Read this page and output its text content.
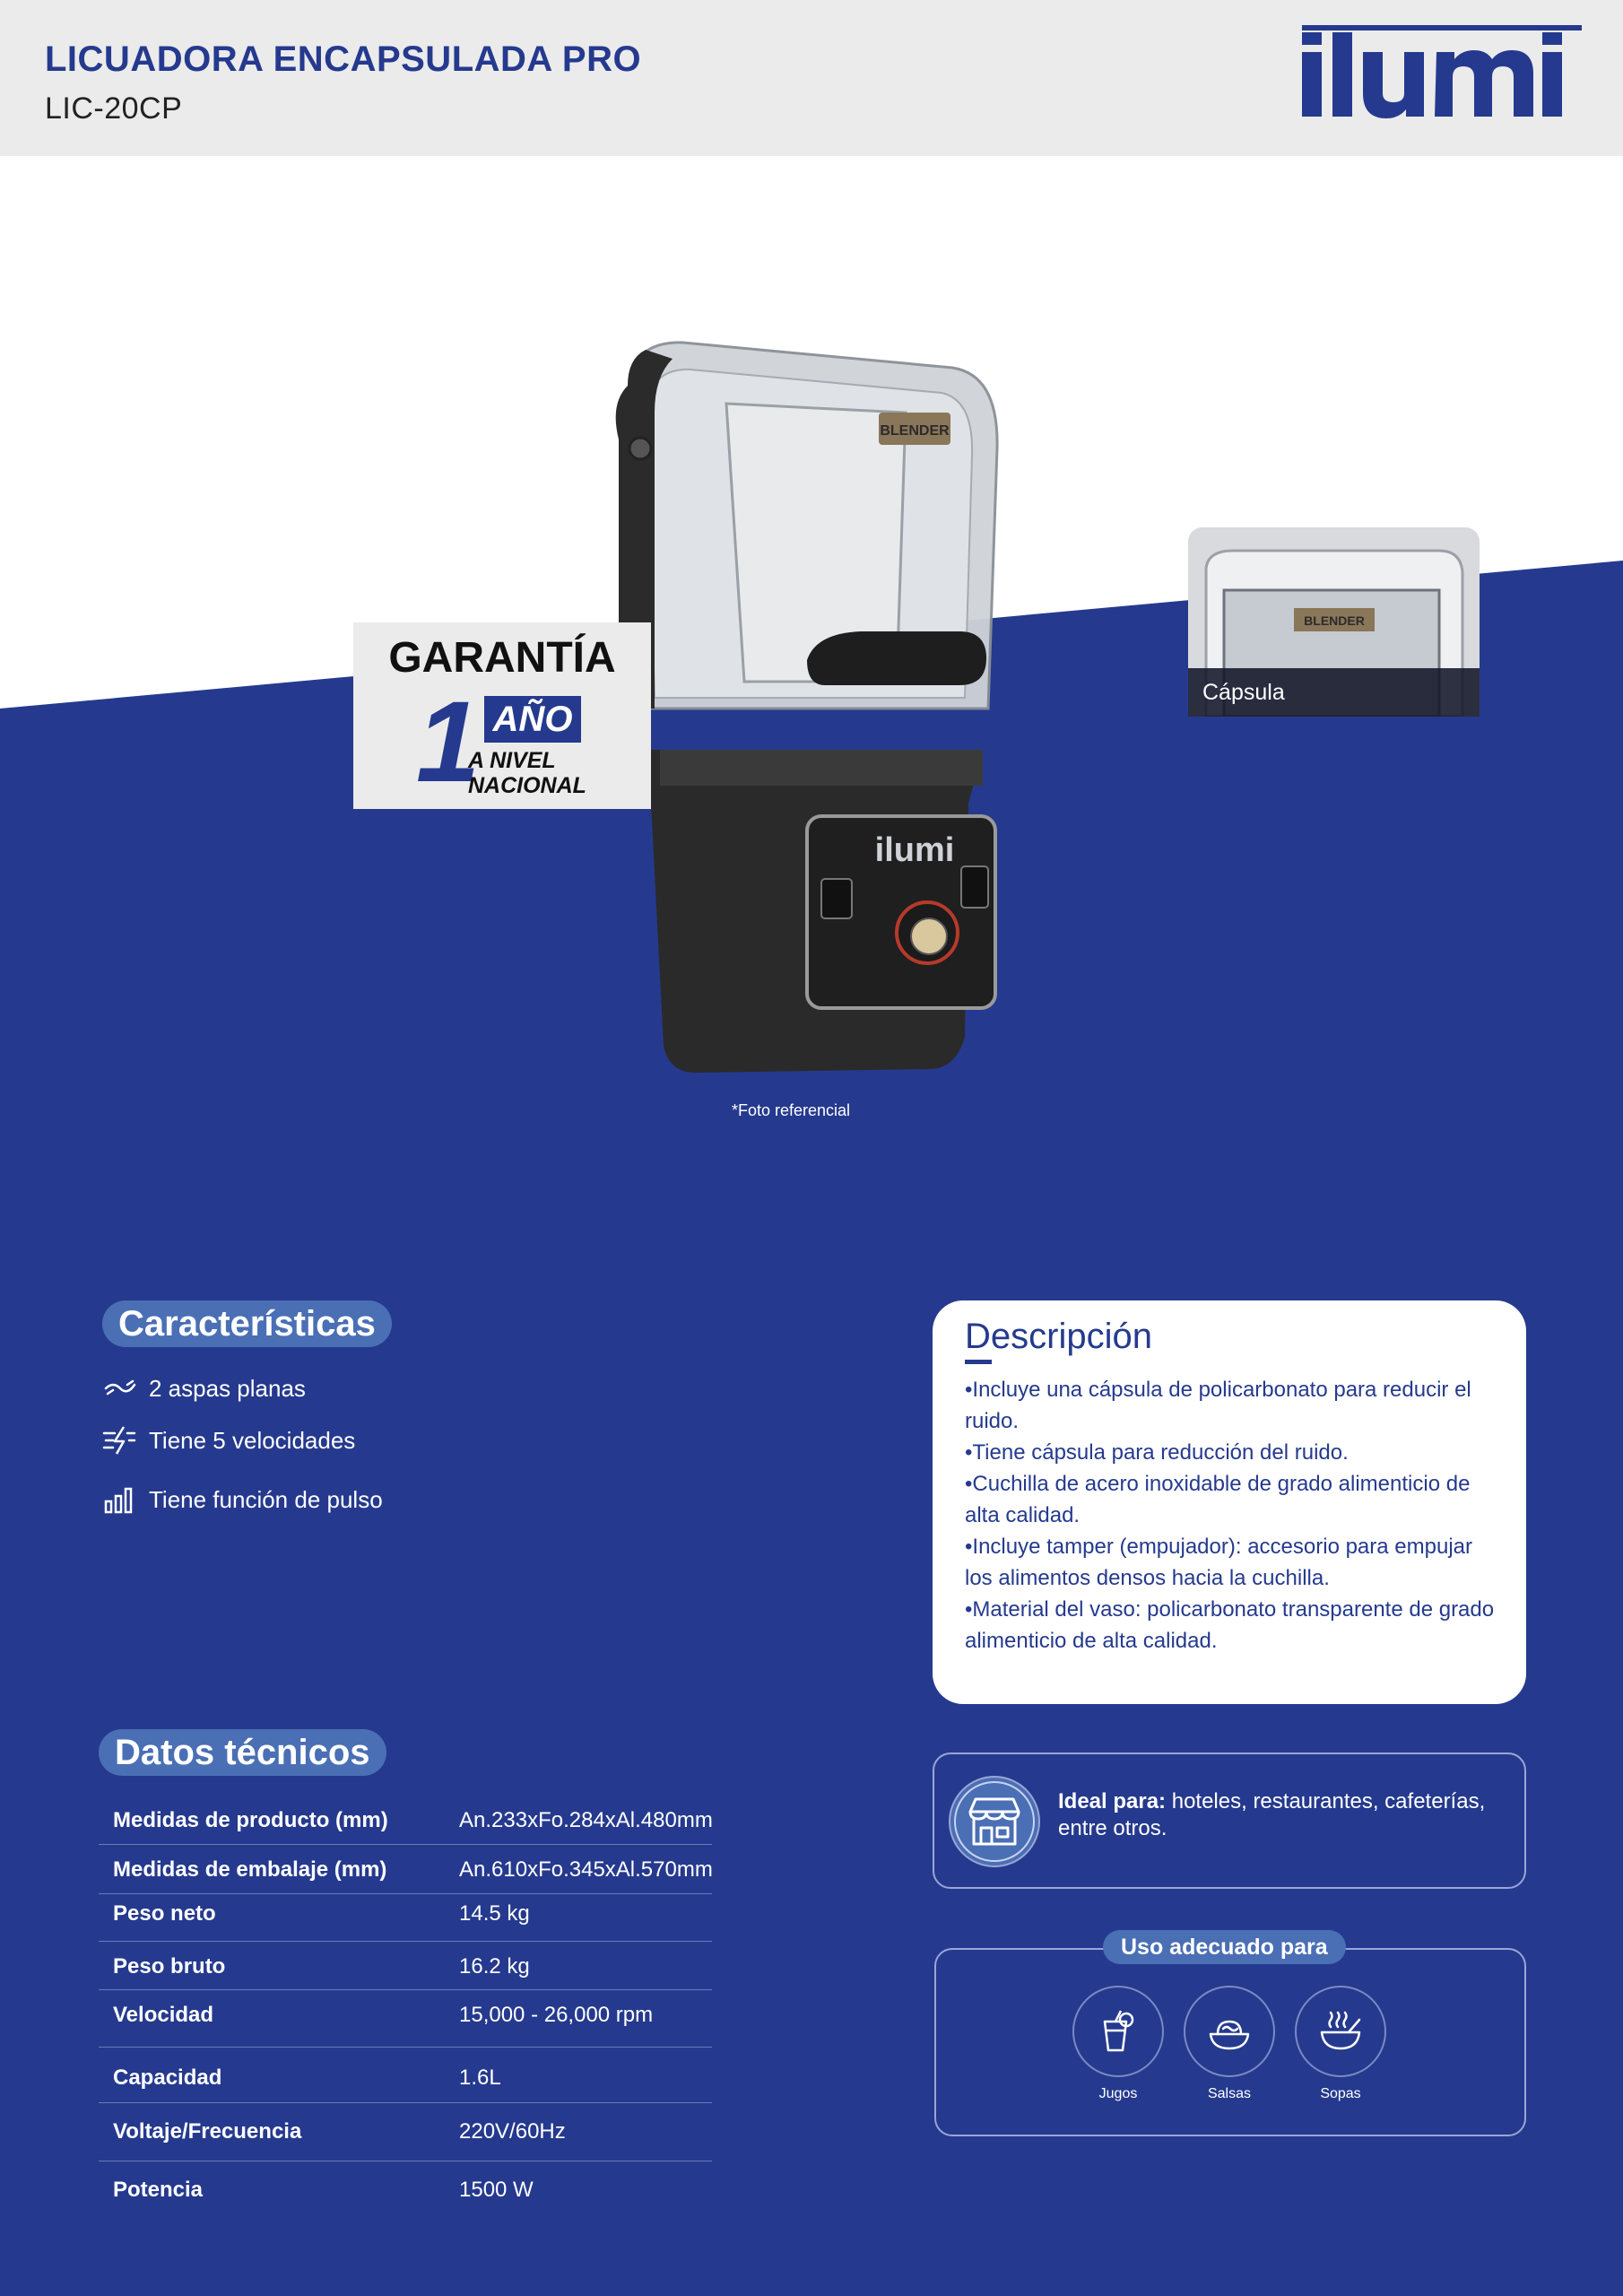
LICUADORA ENCAPSULADA PRO
LIC-20CP
BLENDER
ilumi
*Foto referencial
GARANTÍA
1 AÑO
A NIVEL
NACIONAL
BLENDER
Cápsula
Características
2 aspas planas
Tiene 5 velocidades
Tiene función de pulso
Descripción

•Incluye una cápsula de policarbonato para reducir el ruido.

•Tiene cápsula para reducción del ruido.

•Cuchilla de acero inoxidable de grado alimenticio de alta calidad.

•Incluye tamper (empujador): accesorio para empujar los alimentos densos hacia la cuchilla.

•Material del vaso: policarbonato transparente de grado alimenticio de alta calidad.

Datos técnicos
Medidas de producto (mm)	An.233xFo.284xAl.480mm
Medidas de embalaje (mm)	An.610xFo.345xAl.570mm
Peso neto	14.5 kg
Peso bruto	16.2 kg
Velocidad	15,000 - 26,000 rpm
Capacidad	1.6L
Voltaje/Frecuencia	220V/60Hz
Potencia	1500 W
Ideal para: hoteles, restaurantes, cafeterías, entre otros.
Uso adecuado para
Jugos	Salsas	Sopas
